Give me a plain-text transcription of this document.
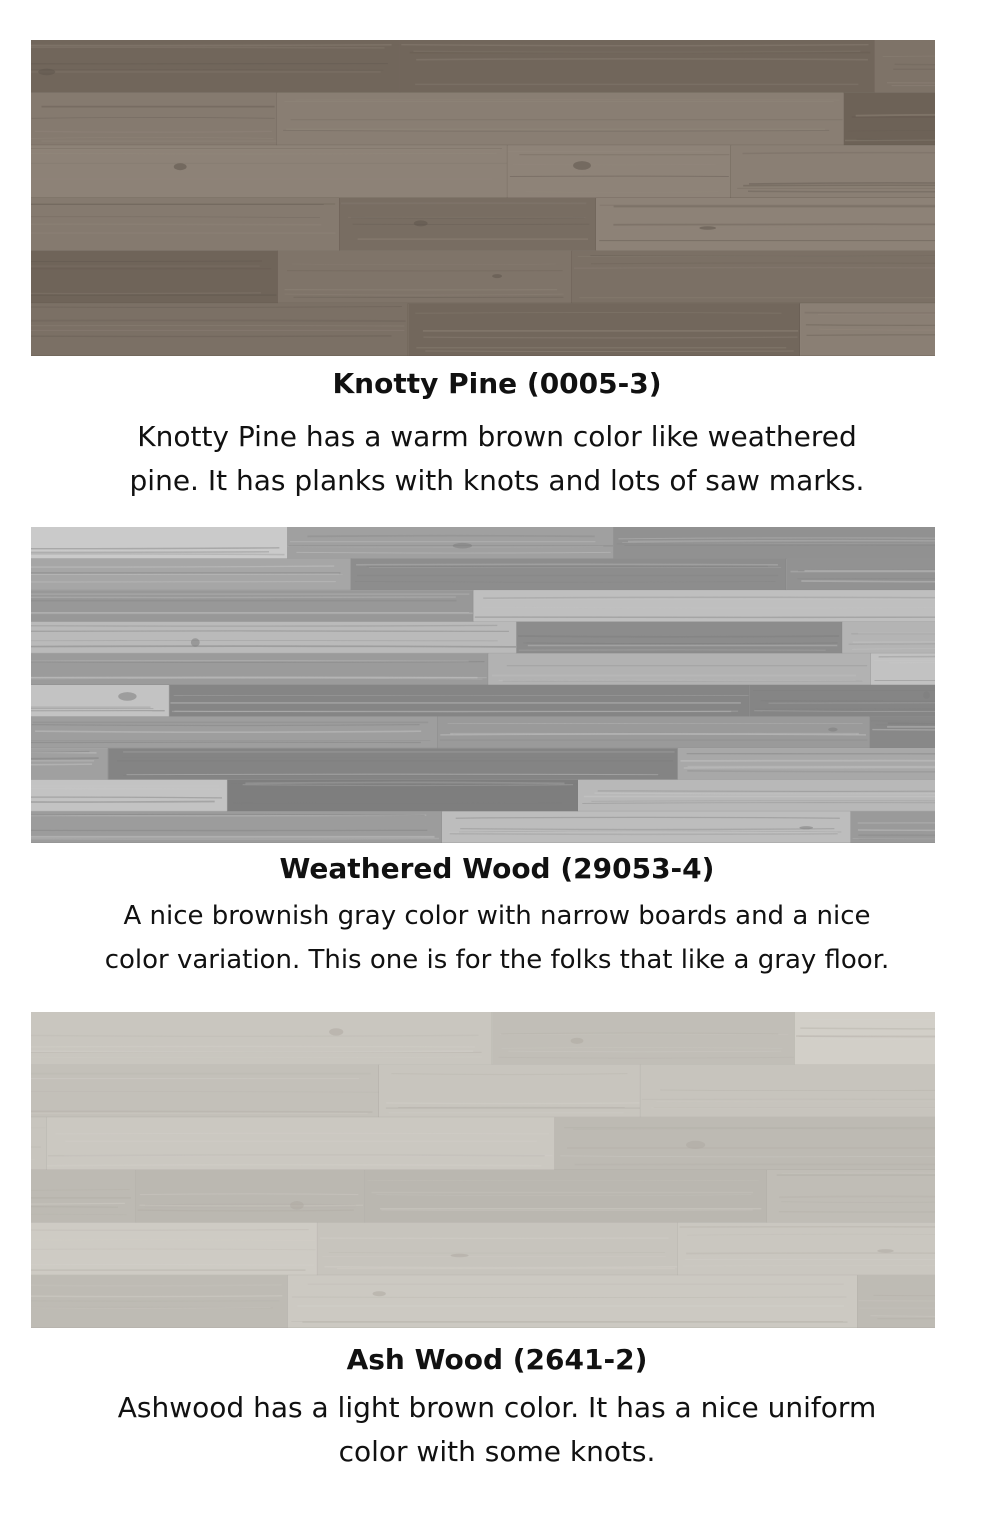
Knotty Pine (0005-3)
Knotty Pine has a warm brown color like weathered
pine. It has planks with knots and lots of saw marks.
Weathered Wood (29053-4)
A nice brownish gray color with narrow boards and a nice
color variation. This one is for the folks that like a gray floor.
Ash Wood (2641-2)
Ashwood has a light brown color. It has a nice uniform
color with some knots.
